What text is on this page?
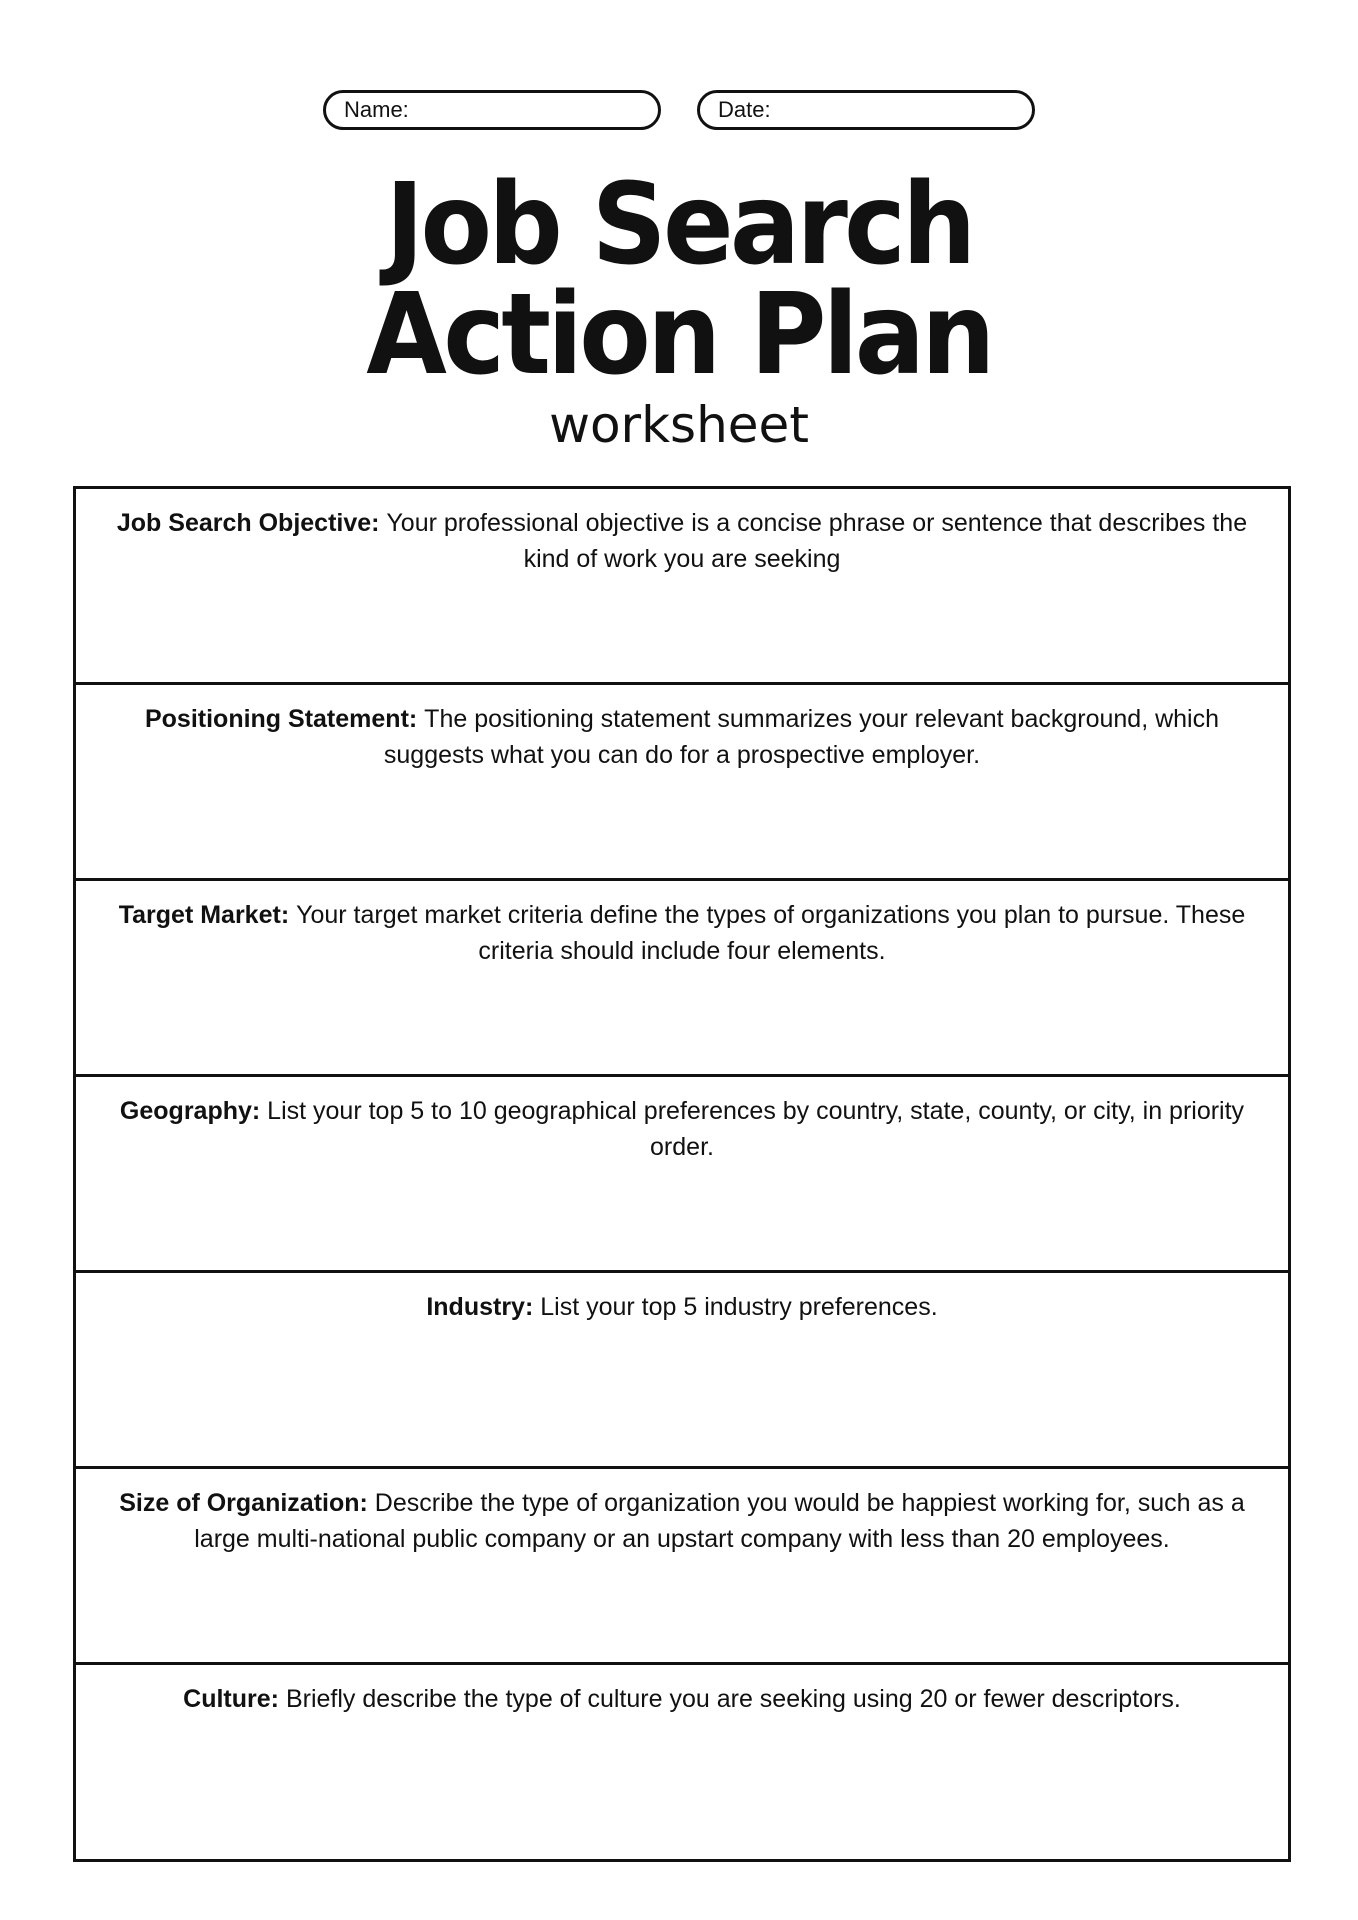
Name:	Date:
Job Search
Action Plan
worksheet
Job Search Objective: Your professional objective is a concise phrase or sentence that describes the kind of work you are seeking
Positioning Statement: The positioning statement summarizes your relevant background, which suggests what you can do for a prospective employer.
Target Market: Your target market criteria define the types of organizations you plan to pursue. These criteria should include four elements.
Geography: List your top 5 to 10 geographical preferences by country, state, county, or city, in priority order.
Industry: List your top 5 industry preferences.
Size of Organization: Describe the type of organization you would be happiest working for, such as a large multi-national public company or an upstart company with less than 20 employees.
Culture: Briefly describe the type of culture you are seeking using 20 or fewer descriptors.
